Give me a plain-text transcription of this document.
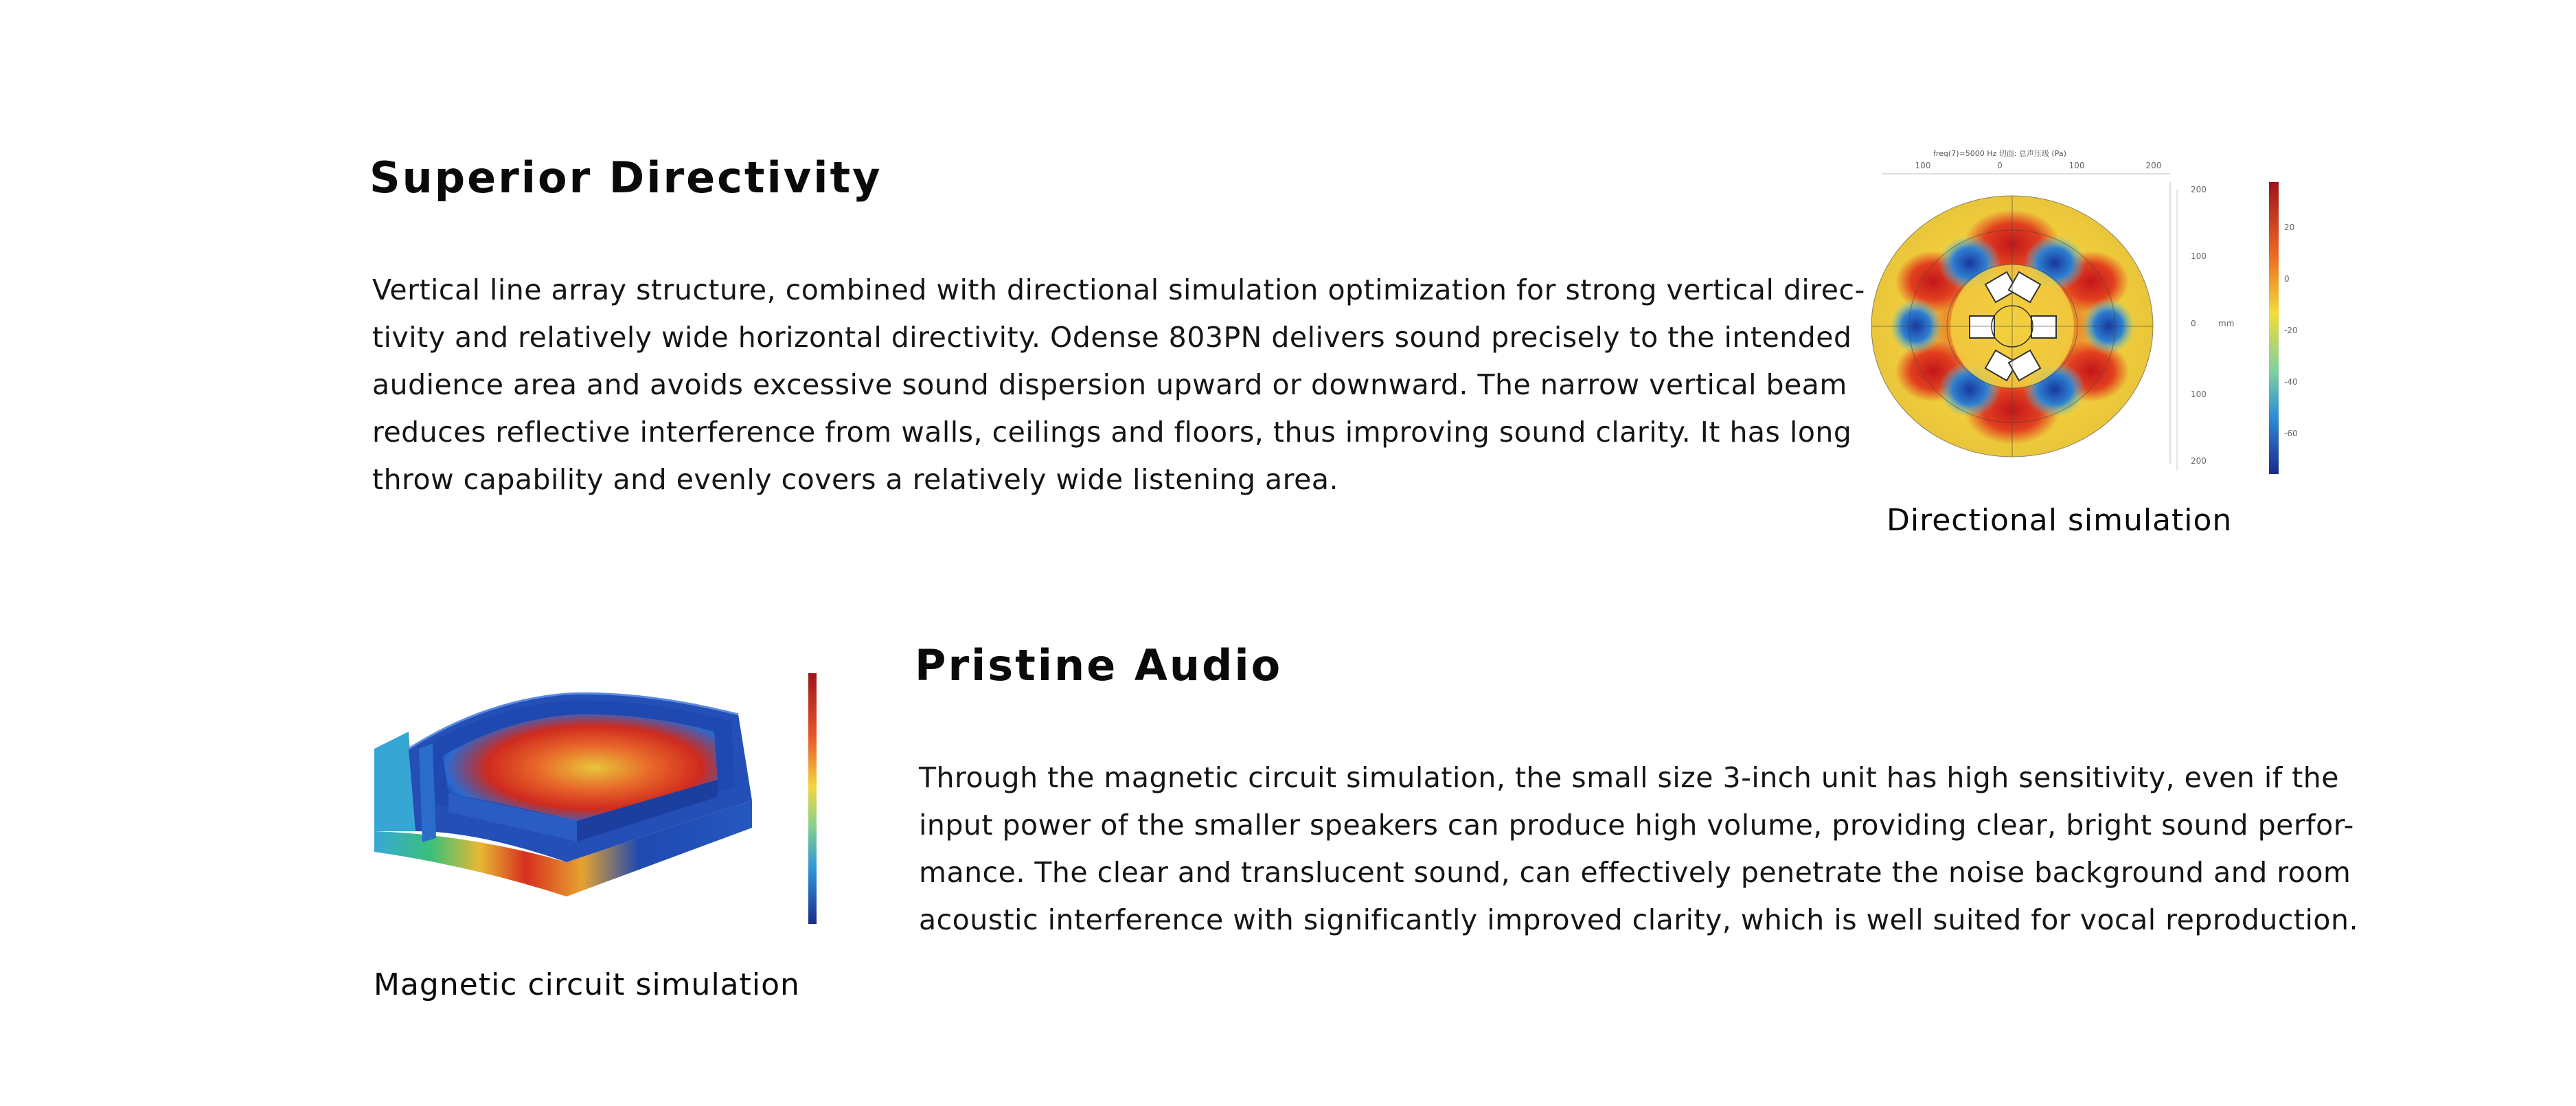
Superior Directivity
Vertical line array structure, combined with directional simulation optimization for strong vertical direc-
tivity and relatively wide horizontal directivity. Odense 803PN delivers sound precisely to the intended
audience area and avoids excessive sound dispersion upward or downward. The narrow vertical beam
reduces reflective interference from walls, ceilings and floors, thus improving sound clarity. It has long
throw capability and evenly covers a relatively wide listening area.
freq(7)=5000 Hz 切面: 总声压级 (Pa)
100	0	100	200
200
100
0	mm
100
200
20
0
-20
-40
-60

Directional simulation

Pristine Audio
Through the magnetic circuit simulation, the small size 3-inch unit has high sensitivity, even if the
input power of the smaller speakers can produce high volume, providing clear, bright sound perfor-
mance. The clear and translucent sound, can effectively penetrate the noise background and room
acoustic interference with significantly improved clarity, which is well suited for vocal reproduction.

Magnetic circuit simulation
